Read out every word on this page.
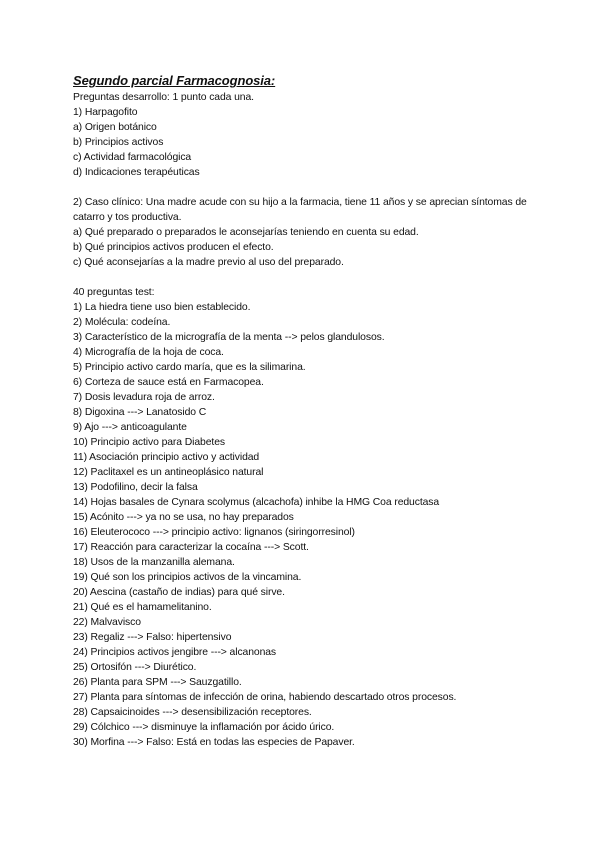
Segundo parcial Farmacognosia:

Preguntas desarrollo: 1 punto cada una.

1) Harpagofito

a) Origen botánico

b) Principios activos

c) Actividad farmacológica

d) Indicaciones terapéuticas

2) Caso clínico: Una madre acude con su hijo a la farmacia, tiene 11 años y se aprecian síntomas de catarro y tos productiva.

a) Qué preparado o preparados le aconsejarías teniendo en cuenta su edad.

b) Qué principios activos producen el efecto.

c) Qué aconsejarías a la madre previo al uso del preparado.

40 preguntas test:

1) La hiedra tiene uso bien establecido.

2) Molécula: codeína.

3) Característico de la micrografía de la menta --> pelos glandulosos.

4) Micrografía de la hoja de coca.

5) Principio activo cardo maría, que es la silimarina.

6) Corteza de sauce está en Farmacopea.

7) Dosis levadura roja de arroz.

8) Digoxina ---> Lanatosido C

9) Ajo ---> anticoagulante

10) Principio activo para Diabetes

11) Asociación principio activo y actividad

12) Paclitaxel es un antineoplásico natural

13) Podofilino, decir la falsa

14) Hojas basales de Cynara scolymus (alcachofa) inhibe la HMG Coa reductasa

15) Acónito ---> ya no se usa, no hay preparados

16) Eleuterococo ---> principio activo: lignanos (siringorresinol)

17) Reacción para caracterizar la cocaína ---> Scott.

18) Usos de la manzanilla alemana.

19) Qué son los principios activos de la vincamina.

20) Aescina (castaño de indias) para qué sirve.

21) Qué es el hamamelitanino.

22) Malvavisco

23) Regaliz ---> Falso: hipertensivo

24) Principios activos jengibre ---> alcanonas

25) Ortosifón ---> Diurético.

26) Planta para SPM ---> Sauzgatillo.

27) Planta para síntomas de infección de orina, habiendo descartado otros procesos.

28) Capsaicinoides ---> desensibilización receptores.

29) Cólchico ---> disminuye la inflamación por ácido úrico.

30) Morfina ---> Falso: Está en todas las especies de Papaver.
